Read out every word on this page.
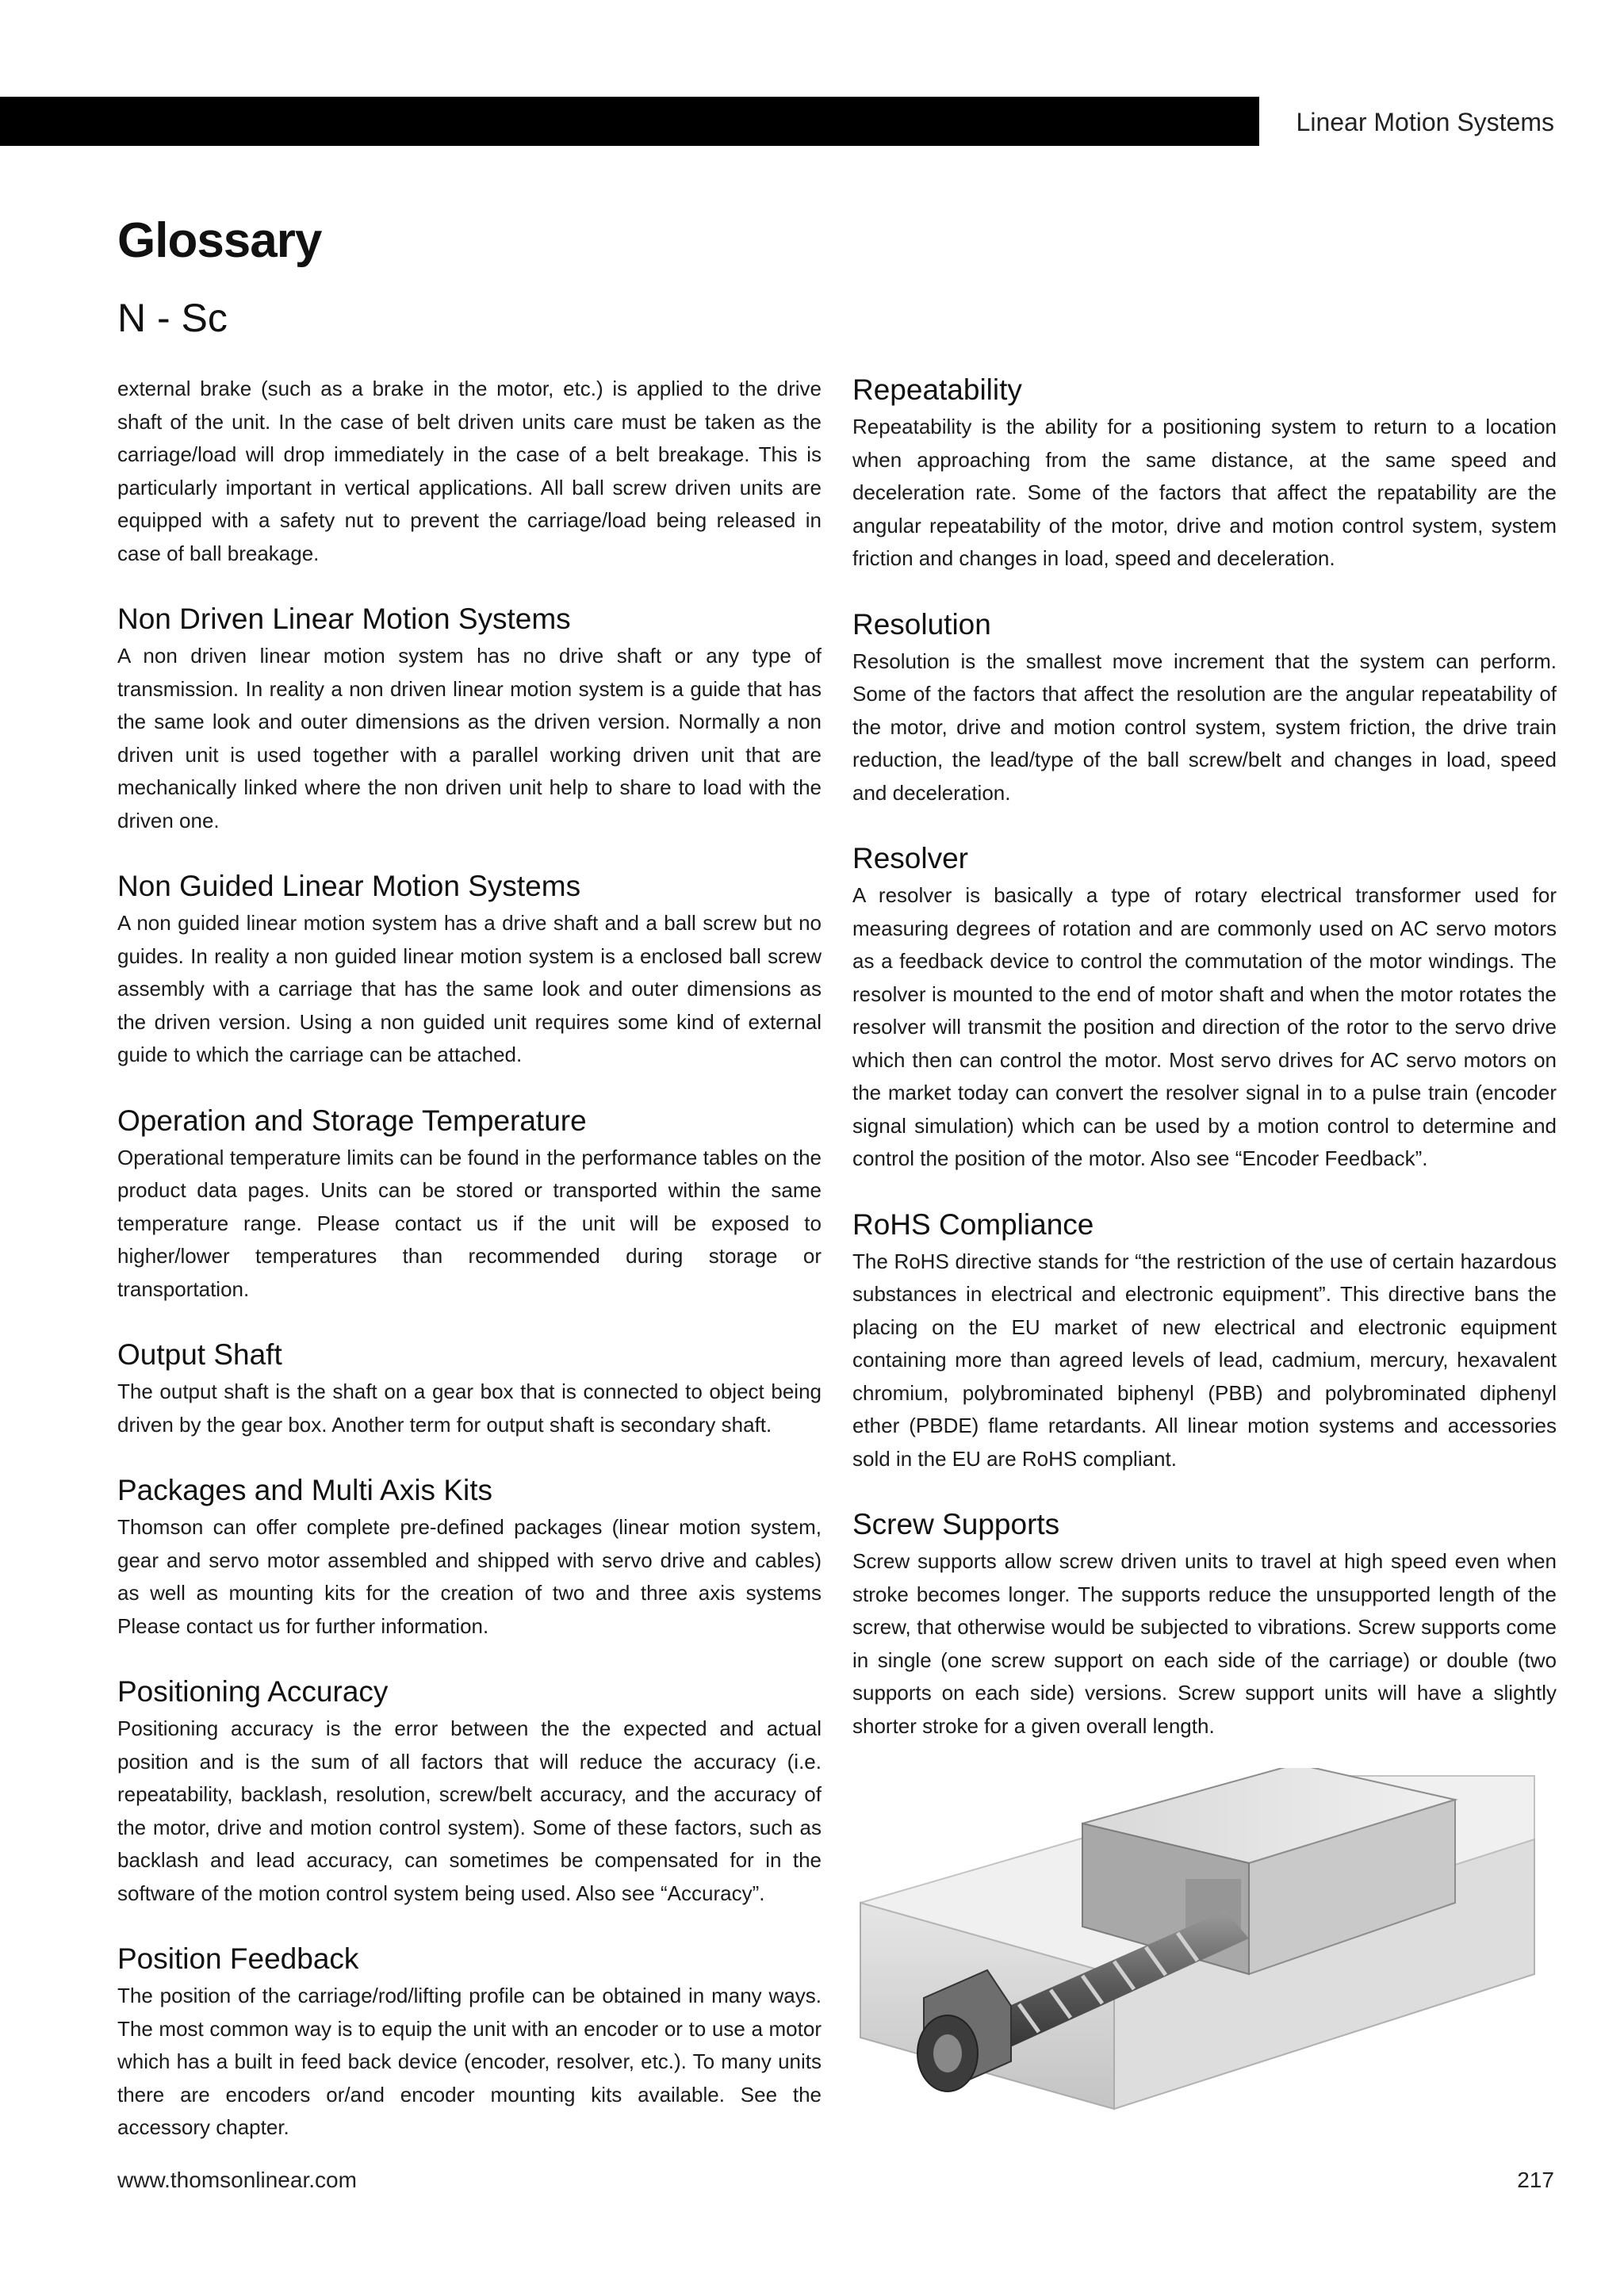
Linear Motion Systems
Glossary
N - Sc

external brake (such as a brake in the motor, etc.) is applied to the drive shaft of the unit. In the case of belt driven units care must be taken as the carriage/load will drop immediately in the case of a belt breakage. This is particularly important in vertical applications. All ball screw driven units are equipped with a safety nut to prevent the carriage/load being released in case of ball breakage.

Non Driven Linear Motion Systems

A non driven linear motion system has no drive shaft or any type of transmission. In reality a non driven linear motion system is a guide that has the same look and outer dimensions as the driven version. Normally a non driven unit is used together with a parallel working driven unit that are mechanically linked where the non driven unit help to share to load with the driven one.

Non Guided Linear Motion Systems

A non guided linear motion system has a drive shaft and a ball screw but no guides. In reality a non guided linear motion system is a enclosed ball screw assembly with a carriage that has the same look and outer dimensions as the driven version. Using a non guided unit requires some kind of external guide to which the carriage can be attached.

Operation and Storage Temperature

Operational temperature limits can be found in the performance tables on the product data pages. Units can be stored or transported within the same temperature range. Please contact us if the unit will be exposed to higher/lower temperatures than recommended during storage or transportation.

Output Shaft

The output shaft is the shaft on a gear box that is connected to object being driven by the gear box. Another term for output shaft is secondary shaft.

Packages and Multi Axis Kits

Thomson can offer complete pre-defined packages (linear motion system, gear and servo motor assembled and shipped with servo drive and cables) as well as mounting kits for the creation of two and three axis systems Please contact us for further information.

Positioning Accuracy

Positioning accuracy is the error between the the expected and actual position and is the sum of all factors that will reduce the accuracy (i.e. repeatability, backlash, resolution, screw/belt accuracy, and the accuracy of the motor, drive and motion control system). Some of these factors, such as backlash and lead accuracy, can sometimes be compensated for in the software of the motion control system being used. Also see “Accuracy”.

Position Feedback

The position of the carriage/rod/lifting profile can be obtained in many ways. The most common way is to equip the unit with an encoder or to use a motor which has a built in feed back device (encoder, resolver, etc.). To many units there are encoders or/and encoder mounting kits available. See the accessory chapter.

Repeatability

Repeatability is the ability for a positioning system to return to a location when approaching from the same distance, at the same speed and deceleration rate. Some of the factors that affect the repatability are the angular repeatability of the motor, drive and motion control system, system friction and changes in load, speed and deceleration.

Resolution

Resolution is the smallest move increment that the system can perform. Some of the factors that affect the resolution are the angular repeatability of the motor, drive and motion control system, system friction, the drive train reduction, the lead/type of the ball screw/belt and changes in load, speed and deceleration.

Resolver

A resolver is basically a type of rotary electrical transformer used for measuring degrees of rotation and are commonly used on AC servo motors as a feedback device to control the commutation of the motor windings. The resolver is mounted to the end of motor shaft and when the motor rotates the resolver will transmit the position and direction of the rotor to the servo drive which then can control the motor. Most servo drives for AC servo motors on the market today can convert the resolver signal in to a pulse train (encoder signal simulation) which can be used by a motion control to determine and control the position of the motor. Also see “Encoder Feedback”.

RoHS Compliance

The RoHS directive stands for “the restriction of the use of certain hazardous substances in electrical and electronic equipment”. This directive bans the placing on the EU market of new electrical and electronic equipment containing more than agreed levels of lead, cadmium, mercury, hexavalent chromium, polybrominated biphenyl (PBB) and polybrominated diphenyl ether (PBDE) flame retardants. All linear motion systems and accessories sold in the EU are RoHS compliant.

Screw Supports

Screw supports allow screw driven units to travel at high speed even when stroke becomes longer. The supports reduce the unsupported length of the screw, that otherwise would be subjected to vibrations. Screw supports come in single (one screw support on each side of the carriage) or double (two supports on each side) versions. Screw support units will have a slightly shorter stroke for a given overall length.

www.thomsonlinear.com	217
